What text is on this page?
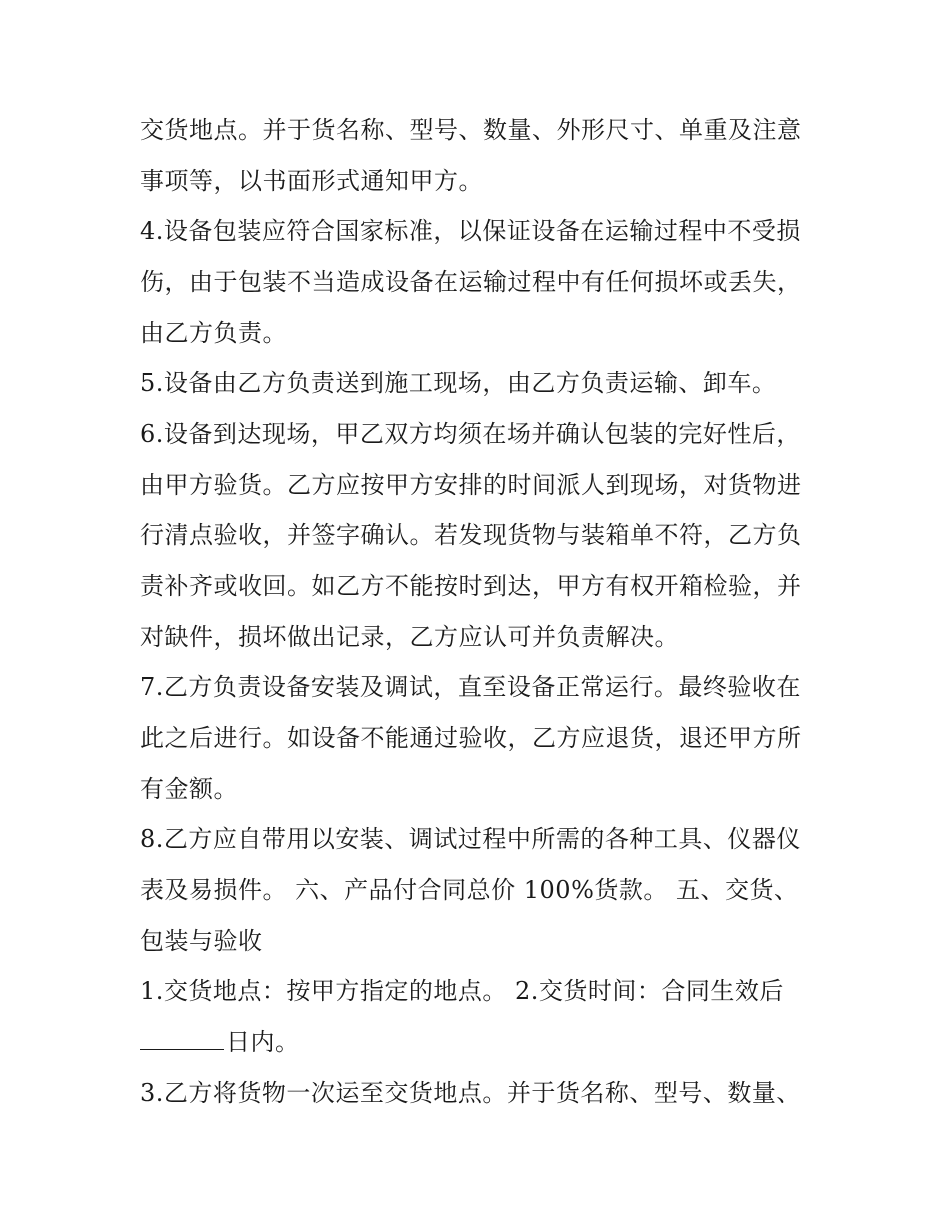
交货地点。并于货名称、型号、数量、外形尺寸、单重及注意
事项等，以书面形式通知甲方。
4.设备包装应符合国家标准，以保证设备在运输过程中不受损
伤，由于包装不当造成设备在运输过程中有任何损坏或丢失，
由乙方负责。
5.设备由乙方负责送到施工现场，由乙方负责运输、卸车。
6.设备到达现场，甲乙双方均须在场并确认包装的完好性后，
由甲方验货。乙方应按甲方安排的时间派人到现场，对货物进
行清点验收，并签字确认。若发现货物与装箱单不符，乙方负
责补齐或收回。如乙方不能按时到达，甲方有权开箱检验，并
对缺件，损坏做出记录，乙方应认可并负责解决。
7.乙方负责设备安装及调试，直至设备正常运行。最终验收在
此之后进行。如设备不能通过验收，乙方应退货，退还甲方所
有金额。
8.乙方应自带用以安装、调试过程中所需的各种工具、仪器仪
表及易损件。 六、产品付合同总价 100%货款。 五、交货、
包装与验收
1.交货地点：按甲方指定的地点。 2.交货时间：合同生效后
日内。
3.乙方将货物一次运至交货地点。并于货名称、型号、数量、
